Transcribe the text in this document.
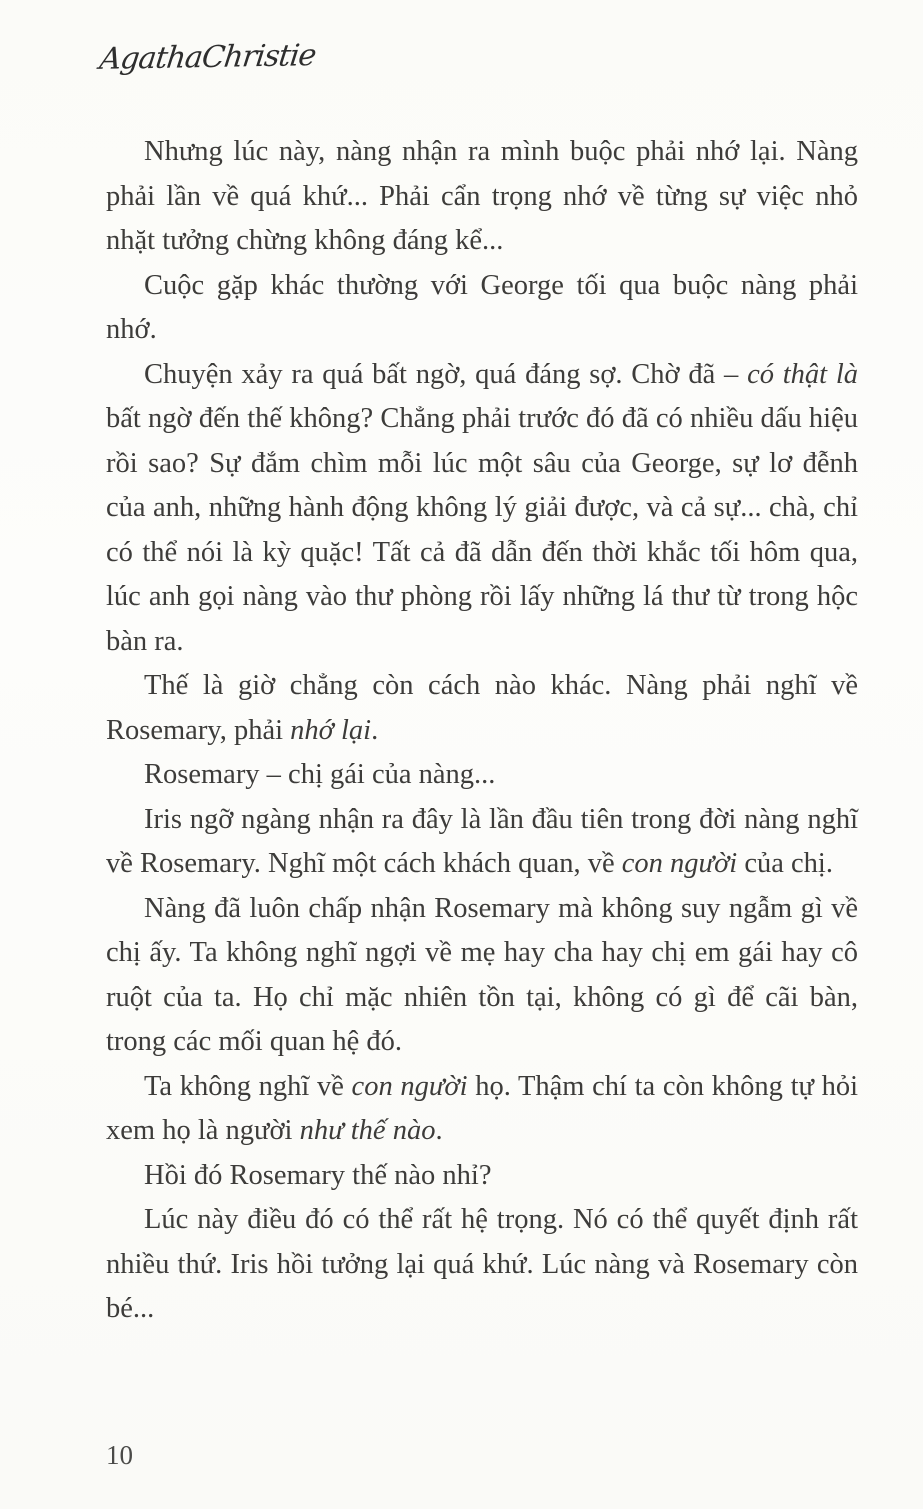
AgathaChristie

Nhưng lúc này, nàng nhận ra mình buộc phải nhớ lại. Nàng phải lần về quá khứ... Phải cẩn trọng nhớ về từng sự việc nhỏ nhặt tưởng chừng không đáng kể...

Cuộc gặp khác thường với George tối qua buộc nàng phải nhớ.

Chuyện xảy ra quá bất ngờ, quá đáng sợ. Chờ đã – có thật là bất ngờ đến thế không? Chẳng phải trước đó đã có nhiều dấu hiệu rồi sao? Sự đắm chìm mỗi lúc một sâu của George, sự lơ đễnh của anh, những hành động không lý giải được, và cả sự... chà, chỉ có thể nói là kỳ quặc! Tất cả đã dẫn đến thời khắc tối hôm qua, lúc anh gọi nàng vào thư phòng rồi lấy những lá thư từ trong hộc bàn ra.

Thế là giờ chẳng còn cách nào khác. Nàng phải nghĩ về Rosemary, phải nhớ lại.

Rosemary – chị gái của nàng...

Iris ngỡ ngàng nhận ra đây là lần đầu tiên trong đời nàng nghĩ về Rosemary. Nghĩ một cách khách quan, về con người của chị.

Nàng đã luôn chấp nhận Rosemary mà không suy ngẫm gì về chị ấy. Ta không nghĩ ngợi về mẹ hay cha hay chị em gái hay cô ruột của ta. Họ chỉ mặc nhiên tồn tại, không có gì để cãi bàn, trong các mối quan hệ đó.

Ta không nghĩ về con người họ. Thậm chí ta còn không tự hỏi xem họ là người như thế nào.

Hồi đó Rosemary thế nào nhỉ?

Lúc này điều đó có thể rất hệ trọng. Nó có thể quyết định rất nhiều thứ. Iris hồi tưởng lại quá khứ. Lúc nàng và Rosemary còn bé...

10
